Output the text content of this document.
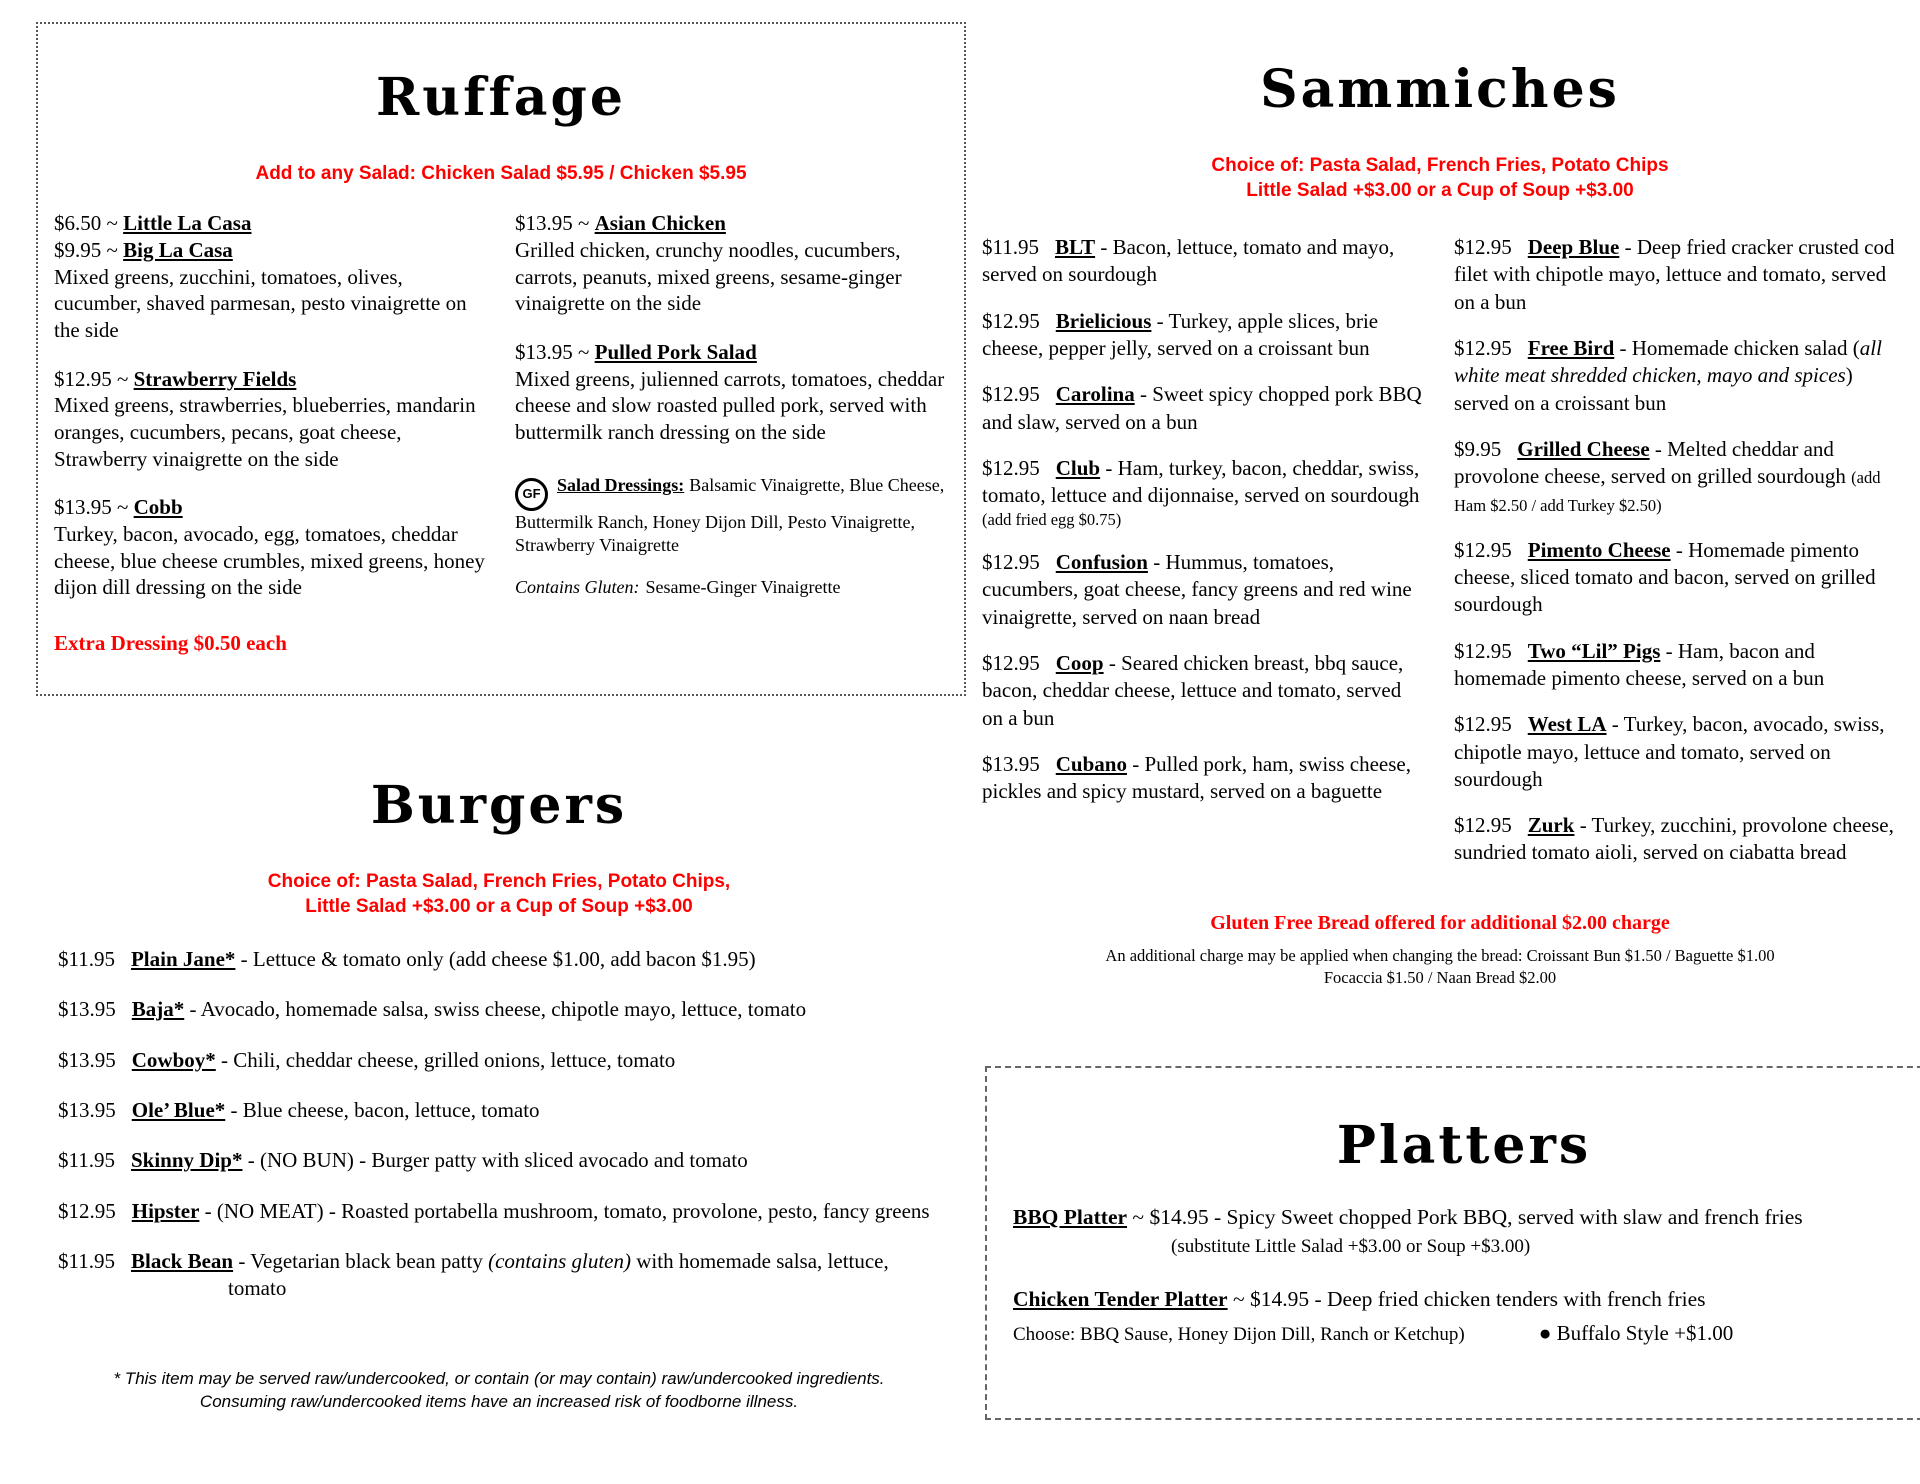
Ruffage
Add to any Salad: Chicken Salad $5.95 / Chicken $5.95
$6.50 ~ Little La Casa
$9.95 ~ Big La Casa
Mixed greens, zucchini, tomatoes, olives, cucumber, shaved parmesan, pesto vinaigrette on the side
$12.95 ~ Strawberry Fields
Mixed greens, strawberries, blueberries, mandarin oranges, cucumbers, pecans, goat cheese, Strawberry vinaigrette on the side
$13.95 ~ Cobb
Turkey, bacon, avocado, egg, tomatoes, cheddar cheese, blue cheese crumbles, mixed greens, honey dijon dill dressing on the side
Extra Dressing $0.50 each
$13.95 ~ Asian Chicken
Grilled chicken, crunchy noodles, cucumbers, carrots, peanuts, mixed greens, sesame-ginger vinaigrette on the side
$13.95 ~ Pulled Pork Salad
Mixed greens, julienned carrots, tomatoes, cheddar cheese and slow roasted pulled pork, served with buttermilk ranch dressing on the side
GF Salad Dressings: Balsamic Vinaigrette, Blue Cheese, Buttermilk Ranch, Honey Dijon Dill, Pesto Vinaigrette, Strawberry Vinaigrette
Contains Gluten: Sesame-Ginger Vinaigrette
Burgers
Choice of: Pasta Salad, French Fries, Potato Chips,
Little Salad +$3.00 or a Cup of Soup +$3.00
$11.95 Plain Jane* - Lettuce & tomato only (add cheese $1.00, add bacon $1.95)
$13.95 Baja* - Avocado, homemade salsa, swiss cheese, chipotle mayo, lettuce, tomato
$13.95 Cowboy* - Chili, cheddar cheese, grilled onions, lettuce, tomato
$13.95 Ole’ Blue* - Blue cheese, bacon, lettuce, tomato
$11.95 Skinny Dip* - (NO BUN) - Burger patty with sliced avocado and tomato
$12.95 Hipster - (NO MEAT) - Roasted portabella mushroom, tomato, provolone, pesto, fancy greens
$11.95 Black Bean - Vegetarian black bean patty (contains gluten) with homemade salsa, lettuce, tomato
* This item may be served raw/undercooked, or contain (or may contain) raw/undercooked ingredients.
Consuming raw/undercooked items have an increased risk of foodborne illness.
Sammiches
Choice of: Pasta Salad, French Fries, Potato Chips
Little Salad +$3.00 or a Cup of Soup +$3.00
$11.95 BLT - Bacon, lettuce, tomato and mayo, served on sourdough
$12.95 Brielicious - Turkey, apple slices, brie cheese, pepper jelly, served on a croissant bun
$12.95 Carolina - Sweet spicy chopped pork BBQ and slaw, served on a bun
$12.95 Club - Ham, turkey, bacon, cheddar, swiss, tomato, lettuce and dijonnaise, served on sourdough
(add fried egg $0.75)
$12.95 Confusion - Hummus, tomatoes, cucumbers, goat cheese, fancy greens and red wine vinaigrette, served on naan bread
$12.95 Coop - Seared chicken breast, bbq sauce, bacon, cheddar cheese, lettuce and tomato, served on a bun
$13.95 Cubano - Pulled pork, ham, swiss cheese, pickles and spicy mustard, served on a baguette
$12.95 Deep Blue - Deep fried cracker crusted cod filet with chipotle mayo, lettuce and tomato, served on a bun
$12.95 Free Bird - Homemade chicken salad (all white meat shredded chicken, mayo and spices) served on a croissant bun
$9.95 Grilled Cheese - Melted cheddar and provolone cheese, served on grilled sourdough (add Ham $2.50 / add Turkey $2.50)
$12.95 Pimento Cheese - Homemade pimento cheese, sliced tomato and bacon, served on grilled sourdough
$12.95 Two “Lil” Pigs - Ham, bacon and homemade pimento cheese, served on a bun
$12.95 West LA - Turkey, bacon, avocado, swiss, chipotle mayo, lettuce and tomato, served on sourdough
$12.95 Zurk - Turkey, zucchini, provolone cheese, sundried tomato aioli, served on ciabatta bread
Gluten Free Bread offered for additional $2.00 charge
An additional charge may be applied when changing the bread: Croissant Bun $1.50 / Baguette $1.00
Focaccia $1.50 / Naan Bread $2.00
Platters
BBQ Platter ~ $14.95 - Spicy Sweet chopped Pork BBQ, served with slaw and french fries
(substitute Little Salad +$3.00 or Soup +$3.00)
Chicken Tender Platter ~ $14.95 - Deep fried chicken tenders with french fries
Choose: BBQ Sause, Honey Dijon Dill, Ranch or Ketchup)	● Buffalo Style +$1.00
